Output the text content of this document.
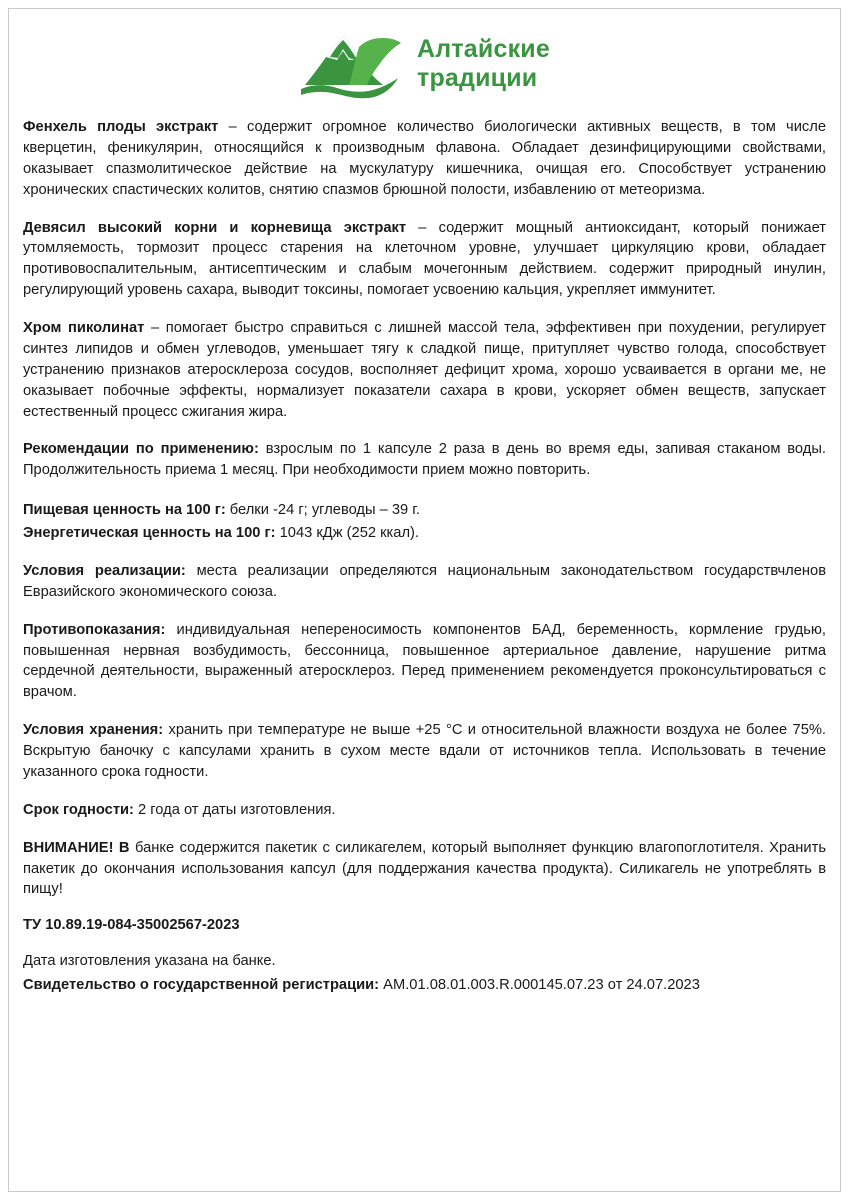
Алтайские
традиции

Фенхель плоды экстракт – содержит огромное количество биологически активных веществ, в том числе кверцетин, феникулярин, относящийся к производным флавона. Обладает дезинфицирующими свойствами, оказывает спазмолитическое действие на мускулатуру кишечника, очищая его. Способствует устранению хронических спастических колитов, снятию спазмов брюшной полости, избавлению от метеоризма.

Девясил высокий корни и корневища экстракт – содержит мощный антиоксидант, который понижает утомляемость, тормозит процесс старения на клеточном уровне, улучшает циркуляцию крови, обладает противовоспалительным, антисептическим и слабым мочегонным действием. содержит природный инулин, регулирующий уровень сахара, выводит токсины, помогает усвоению кальция, укрепляет иммунитет.

Хром пиколинат – помогает быстро справиться с лишней массой тела, эффективен при похудении, регулирует синтез липидов и обмен углеводов, уменьшает тягу к сладкой пище, притупляет чувство голода, способствует устранению признаков атеросклероза сосудов, восполняет дефицит хрома, хорошо усваивается в органи ме, не оказывает побочные эффекты, нормализует показатели сахара в крови, ускоряет обмен веществ, запускает естественный процесс сжигания жира.

Рекомендации по применению: взрослым по 1 капсуле 2 раза в день во время еды, запивая стаканом воды. Продолжительность приема 1 месяц. При необходимости прием можно повторить.

Пищевая ценность на 100 г: белки -24 г; углеводы – 39 г.

Энергетическая ценность на 100 г: 1043 кДж (252 ккал).

Условия реализации: места реализации определяются национальным законодательством государствчленов Евразийского экономического союза.

Противопоказания: индивидуальная непереносимость компонентов БАД, беременность, кормление грудью, повышенная нервная возбудимость, бессонница, повышенное артериальное давление, нарушение ритма сердечной деятельности, выраженный атеросклероз. Перед применением рекомендуется проконсультироваться с врачом.

Условия хранения: хранить при температуре не выше +25 °С и относительной влажности воздуха не более 75%. Вскрытую баночку с капсулами хранить в сухом месте вдали от источников тепла. Использовать в течение указанного срока годности.

Срок годности: 2 года от даты изготовления.

ВНИМАНИЕ! В банке содержится пакетик с силикагелем, который выполняет функцию влагопоглотителя. Хранить пакетик до окончания использования капсул (для поддержания качества продукта). Силикагель не употреблять в пищу!

ТУ 10.89.19-084-35002567-2023

Дата изготовления указана на банке.

Свидетельство о государственной регистрации: AM.01.08.01.003.R.000145.07.23 от 24.07.2023
